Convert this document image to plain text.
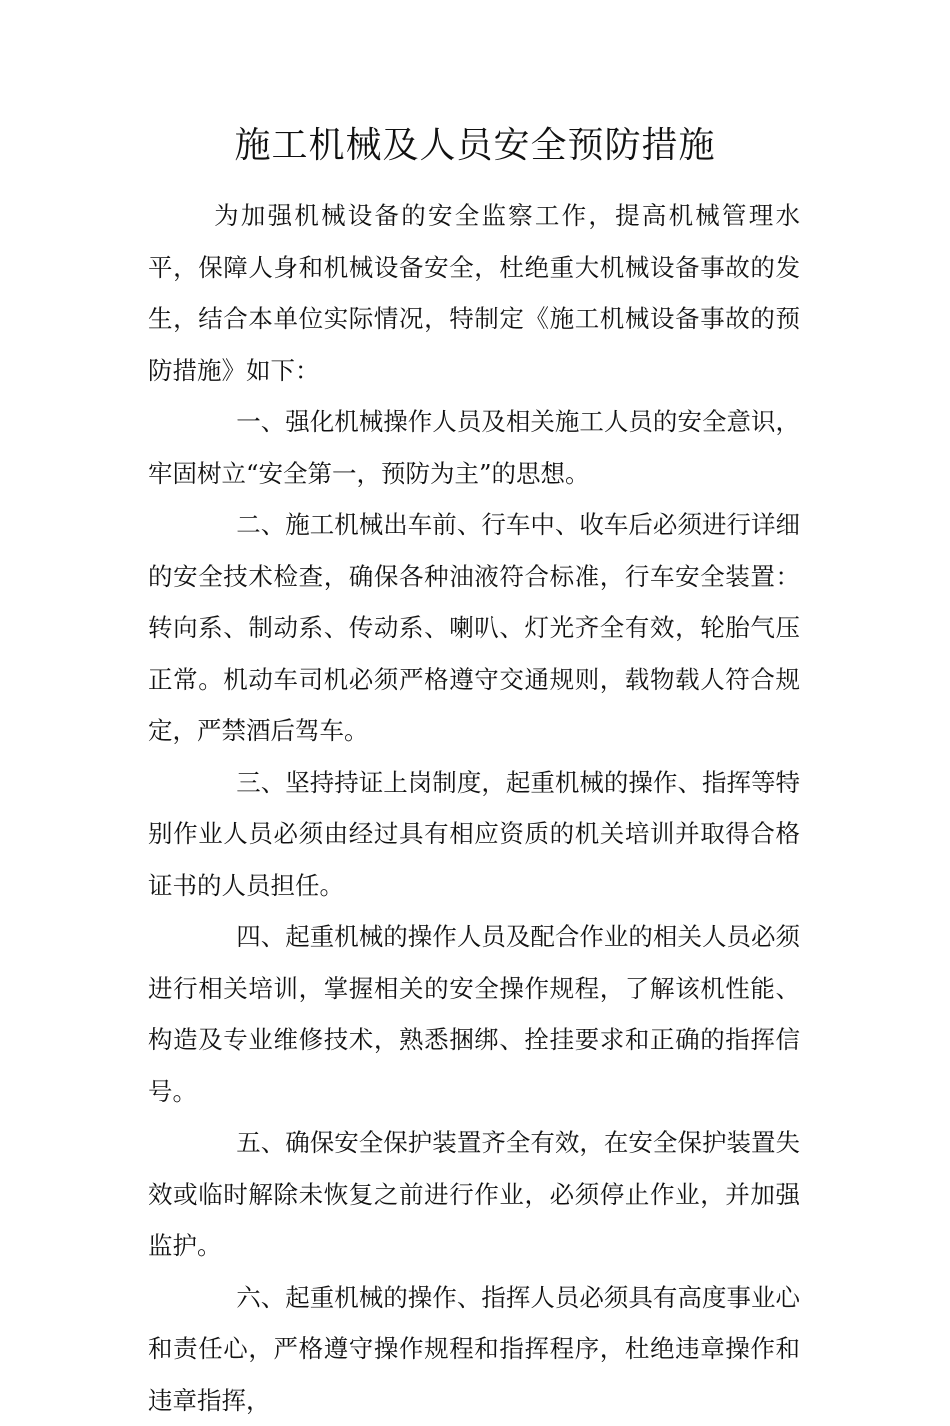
施工机械及人员安全预防措施

为加强机械设备的安全监察工作，提高机械管理水平，保障人身和机械设备安全，杜绝重大机械设备事故的发生，结合本单位实际情况，特制定《施工机械设备事故的预防措施》如下：

一、强化机械操作人员及相关施工人员的安全意识，牢固树立“安全第一，预防为主”的思想。

二、施工机械出车前、行车中、收车后必须进行详细的安全技术检查，确保各种油液符合标准，行车安全装置：转向系、制动系、传动系、喇叭、灯光齐全有效，轮胎气压正常。机动车司机必须严格遵守交通规则，载物载人符合规定，严禁酒后驾车。

三、坚持持证上岗制度，起重机械的操作、指挥等特别作业人员必须由经过具有相应资质的机关培训并取得合格证书的人员担任。

四、起重机械的操作人员及配合作业的相关人员必须进行相关培训，掌握相关的安全操作规程，了解该机性能、构造及专业维修技术，熟悉捆绑、拴挂要求和正确的指挥信号。

五、确保安全保护装置齐全有效，在安全保护装置失效或临时解除未恢复之前进行作业，必须停止作业，并加强监护。

六、起重机械的操作、指挥人员必须具有高度事业心和责任心，严格遵守操作规程和指挥程序，杜绝违章操作和违章指挥，
